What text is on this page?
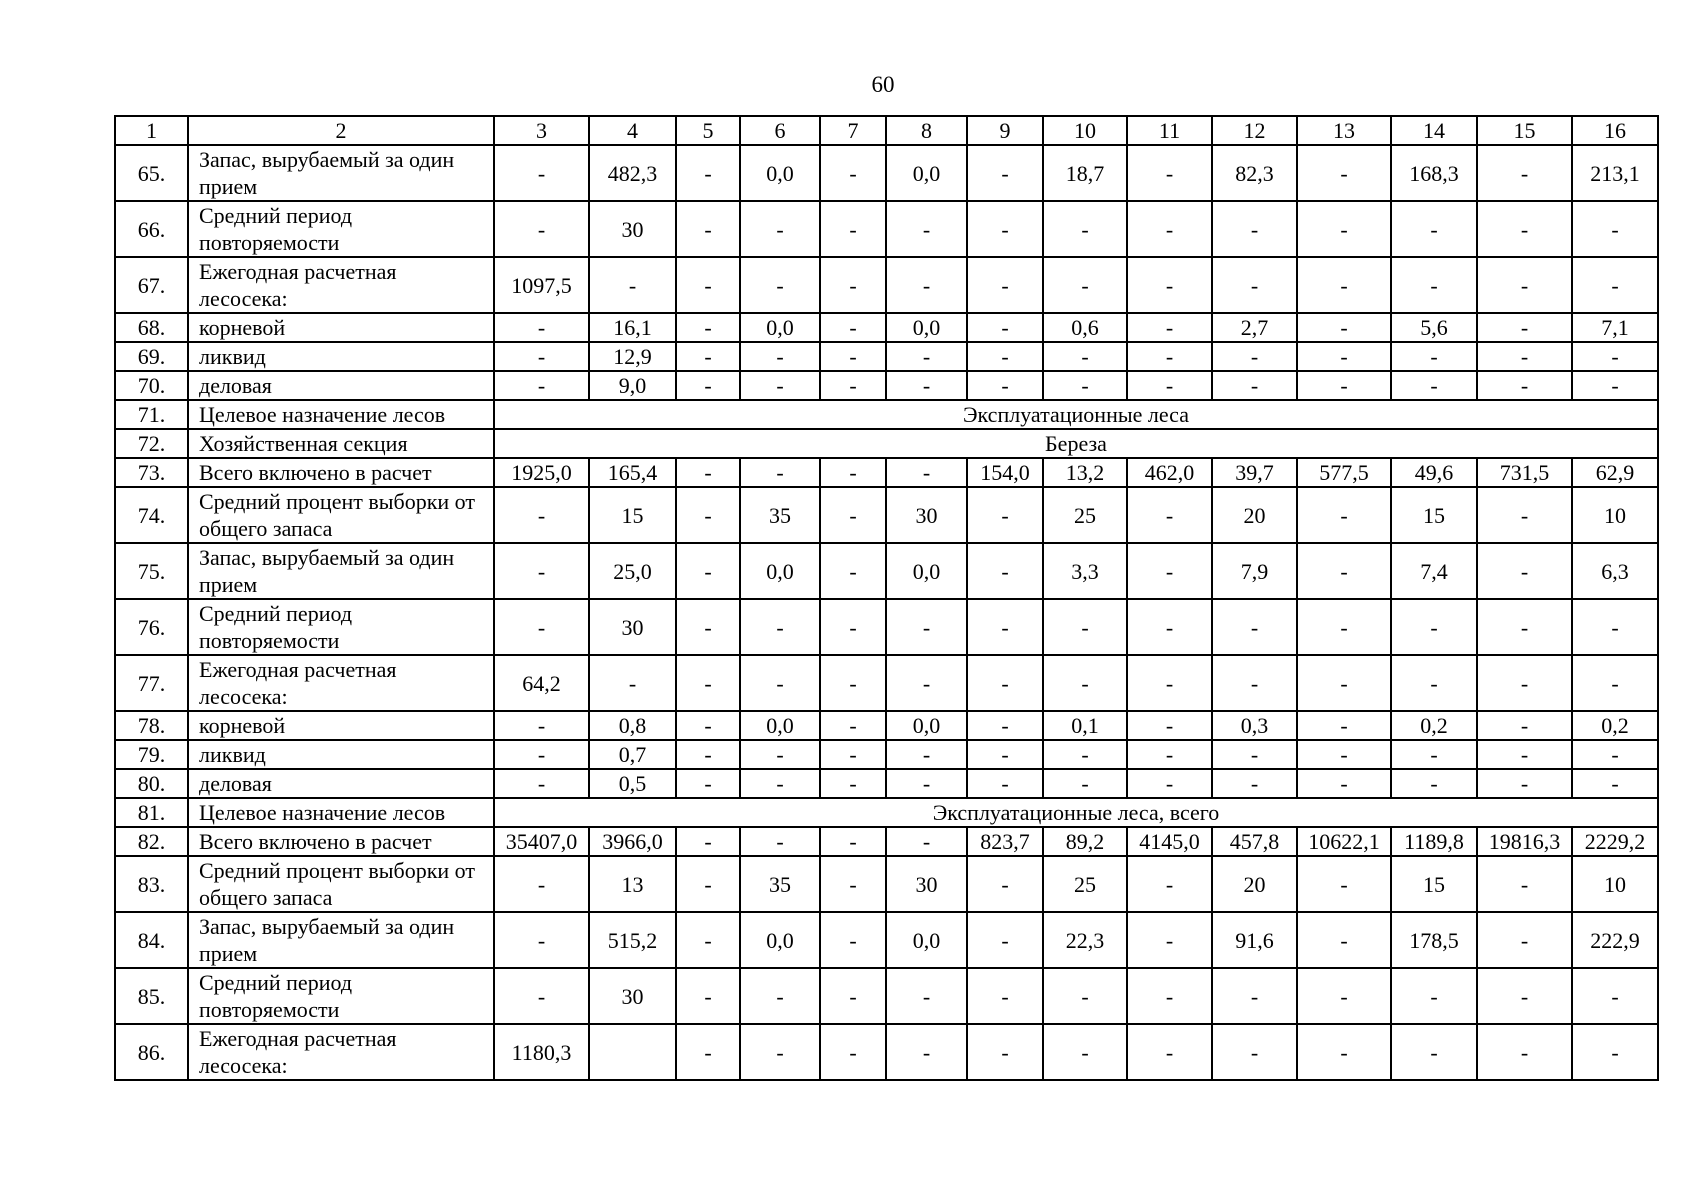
60
1	2	3	4	5	6	7	8	9	10	11	12	13	14	15	16
65.	Запас, вырубаемый за один прием	-	482,3	-	0,0	-	0,0	-	18,7	-	82,3	-	168,3	-	213,1
66.	Средний период повторяемости	-	30	-	-	-	-	-	-	-	-	-	-	-	-
67.	Ежегодная расчетная лесосека:	1097,5	-	-	-	-	-	-	-	-	-	-	-	-	-
68.	корневой	-	16,1	-	0,0	-	0,0	-	0,6	-	2,7	-	5,6	-	7,1
69.	ликвид	-	12,9	-	-	-	-	-	-	-	-	-	-	-	-
70.	деловая	-	9,0	-	-	-	-	-	-	-	-	-	-	-	-
71.	Целевое назначение лесов	Эксплуатационные леса													
72.	Хозяйственная секция	Береза													
73.	Всего включено в расчет	1925,0	165,4	-	-	-	-	154,0	13,2	462,0	39,7	577,5	49,6	731,5	62,9
74.	Средний процент выборки от общего запаса	-	15	-	35	-	30	-	25	-	20	-	15	-	10
75.	Запас, вырубаемый за один прием	-	25,0	-	0,0	-	0,0	-	3,3	-	7,9	-	7,4	-	6,3
76.	Средний период повторяемости	-	30	-	-	-	-	-	-	-	-	-	-	-	-
77.	Ежегодная расчетная лесосека:	64,2	-	-	-	-	-	-	-	-	-	-	-	-	-
78.	корневой	-	0,8	-	0,0	-	0,0	-	0,1	-	0,3	-	0,2	-	0,2
79.	ликвид	-	0,7	-	-	-	-	-	-	-	-	-	-	-	-
80.	деловая	-	0,5	-	-	-	-	-	-	-	-	-	-	-	-
81.	Целевое назначение лесов	Эксплуатационные леса, всего													
82.	Всего включено в расчет	35407,0	3966,0	-	-	-	-	823,7	89,2	4145,0	457,8	10622,1	1189,8	19816,3	2229,2
83.	Средний процент выборки от общего запаса	-	13	-	35	-	30	-	25	-	20	-	15	-	10
84.	Запас, вырубаемый за один прием	-	515,2	-	0,0	-	0,0	-	22,3	-	91,6	-	178,5	-	222,9
85.	Средний период повторяемости	-	30	-	-	-	-	-	-	-	-	-	-	-	-
86.	Ежегодная расчетная лесосека:	1180,3		-	-	-	-	-	-	-	-	-	-	-	-
